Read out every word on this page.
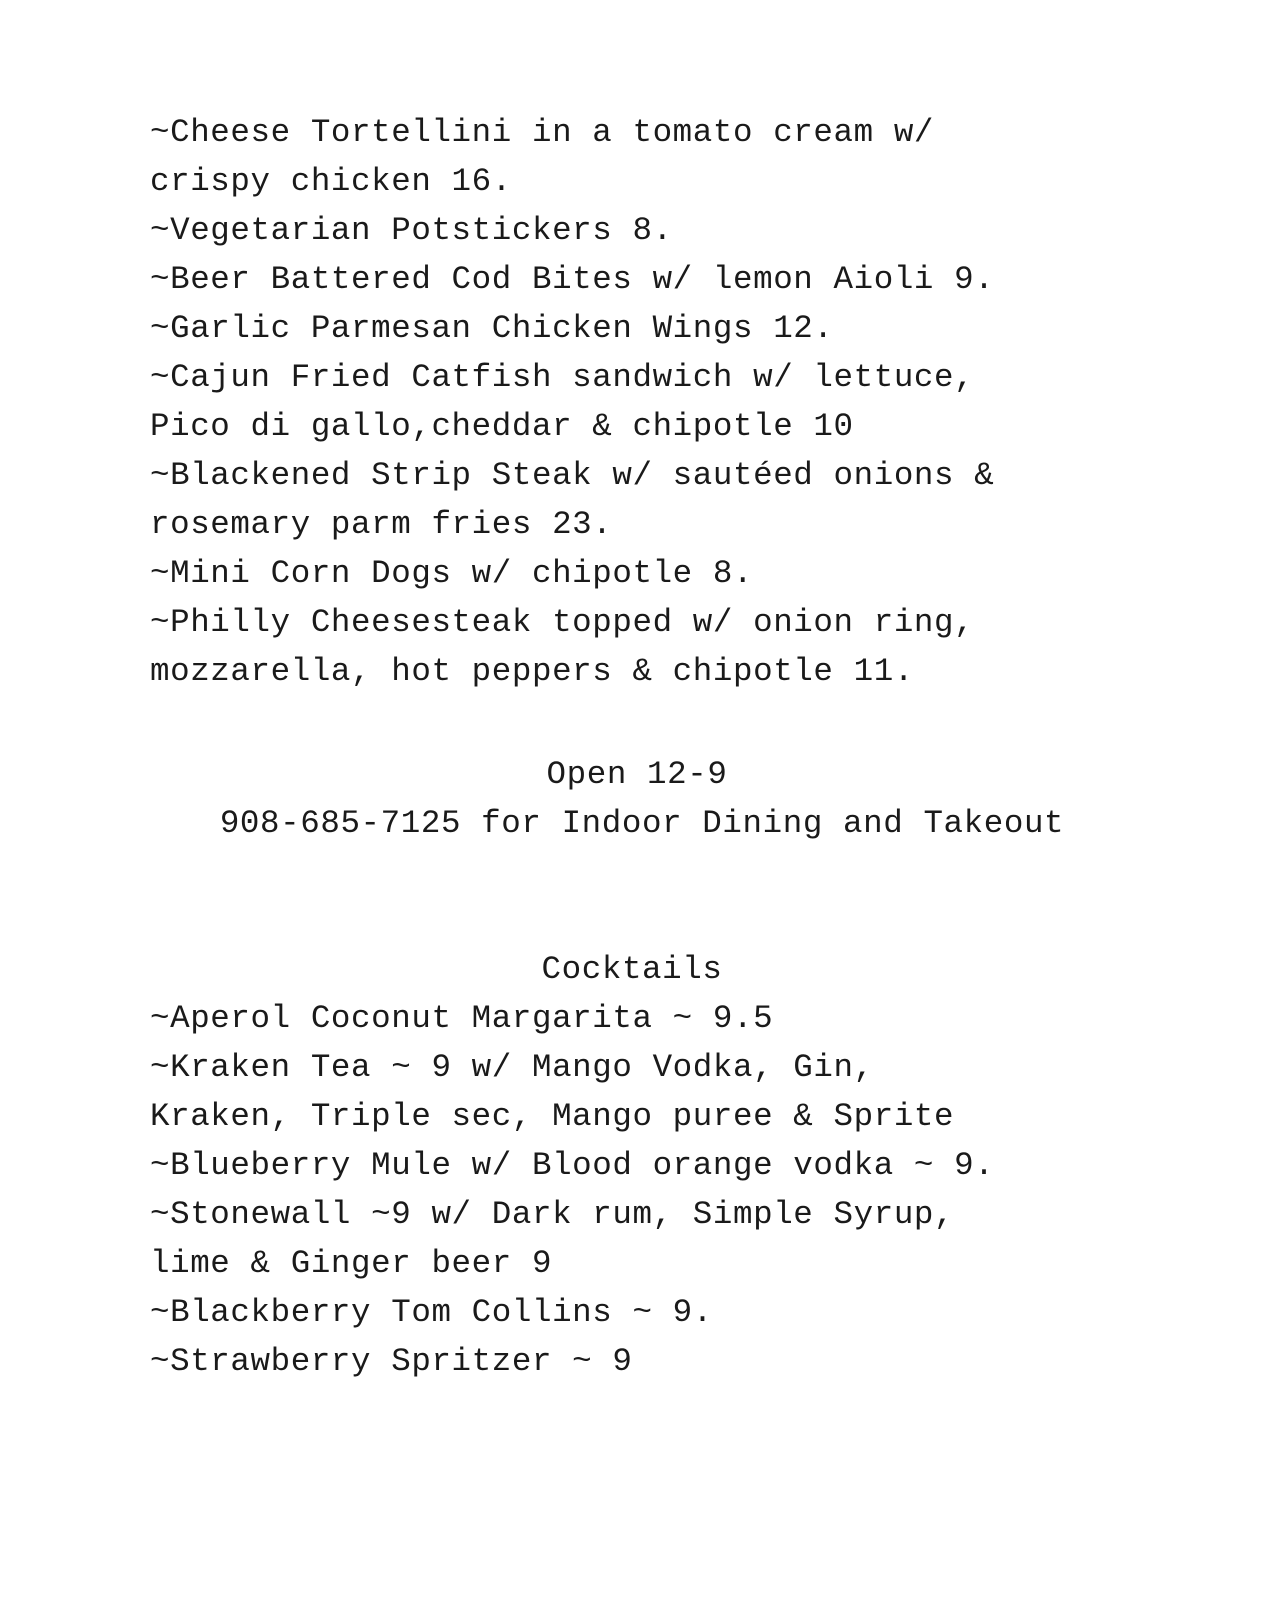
~Cheese Tortellini in a tomato cream w/
crispy chicken 16.
~Vegetarian Potstickers 8.
~Beer Battered Cod Bites w/ lemon Aioli 9.
~Garlic Parmesan Chicken Wings 12.
~Cajun Fried Catfish sandwich w/ lettuce,
Pico di gallo,cheddar & chipotle 10
~Blackened Strip Steak w/ sautéed onions &
rosemary parm fries 23.
~Mini Corn Dogs w/ chipotle 8.
~Philly Cheesesteak topped w/ onion ring,
mozzarella, hot peppers & chipotle 11.
Open 12-9
908-685-7125 for Indoor Dining and Takeout
Cocktails
~Aperol Coconut Margarita ~ 9.5
~Kraken Tea ~ 9 w/ Mango Vodka, Gin,
Kraken, Triple sec, Mango puree & Sprite
~Blueberry Mule w/ Blood orange vodka ~ 9.
~Stonewall ~9 w/ Dark rum, Simple Syrup,
lime & Ginger beer 9
~Blackberry Tom Collins ~ 9.
~Strawberry Spritzer ~ 9
